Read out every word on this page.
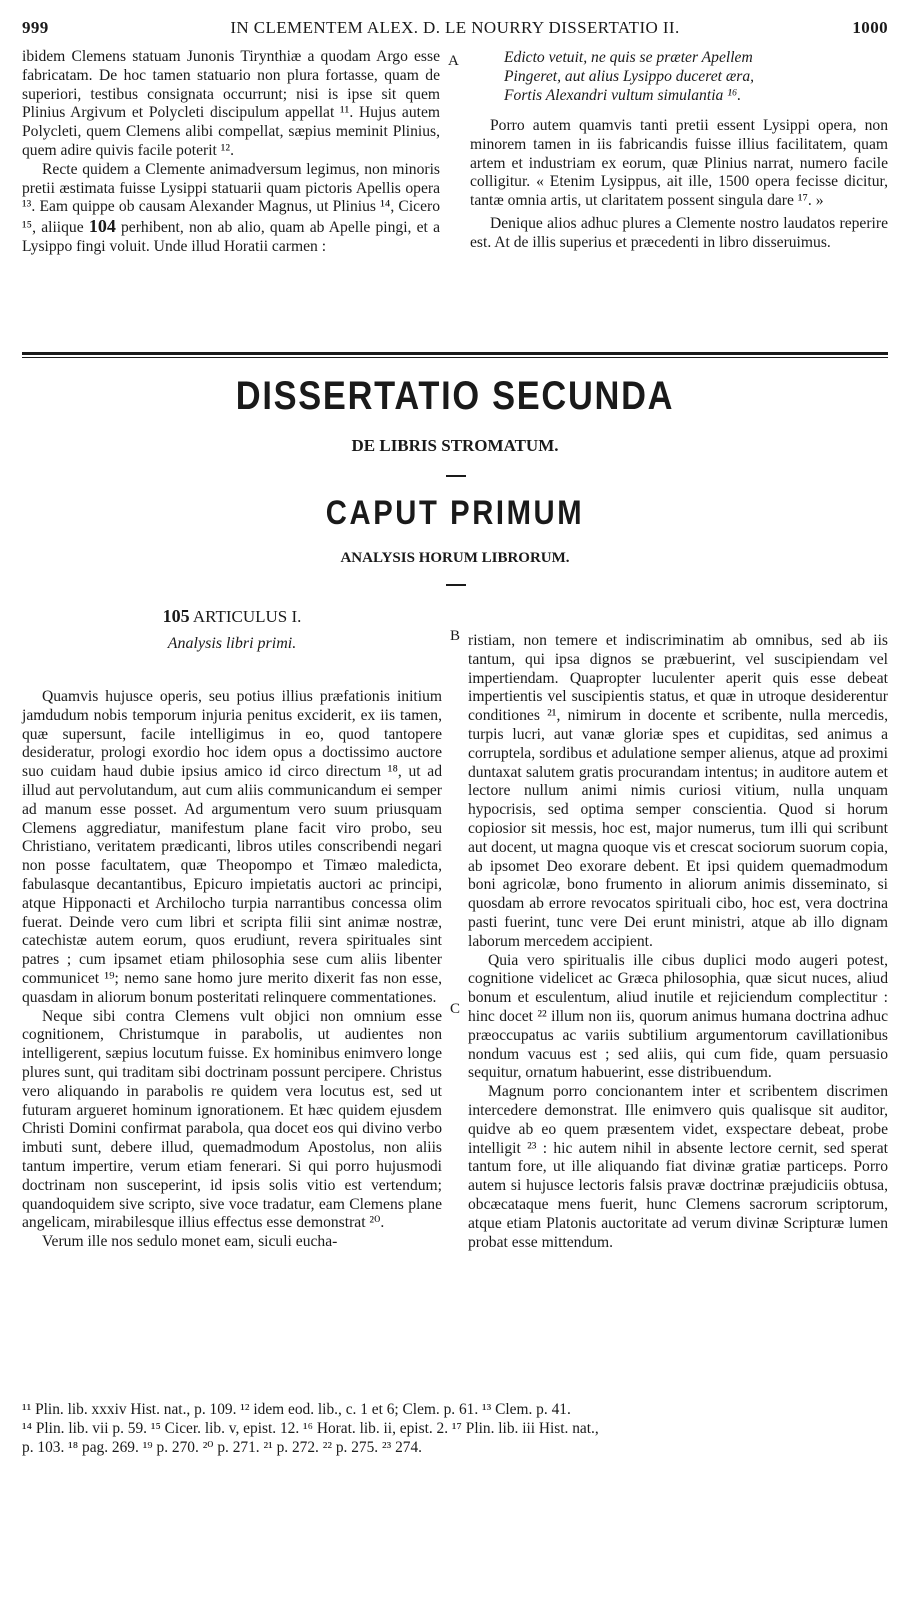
999	IN CLEMENTEM ALEX. D. LE NOURRY DISSERTATIO II.	1000
A
B
C

ibidem Clemens statuam Junonis Tirynthiæ a quodam Argo esse fabricatam. De hoc tamen statuario non plura fortasse, quam de superiori, testibus consignata occurrunt; nisi is ipse sit quem Plinius Argivum et Polycleti discipulum appellat ¹¹. Hujus autem Polycleti, quem Clemens alibi compellat, sæpius meminit Plinius, quem adire quivis facile poterit ¹².

Recte quidem a Clemente animadversum legimus, non minoris pretii æstimata fuisse Lysippi statuarii quam pictoris Apellis opera ¹³. Eam quippe ob causam Alexander Magnus, ut Plinius ¹⁴, Cicero ¹⁵, aliique 104 perhibent, non ab alio, quam ab Apelle pingi, et a Lysippo fingi voluit. Unde illud Horatii carmen :

Edicto vetuit, ne quis se præter Apellem
Pingeret, aut alius Lysippo duceret æra,
Fortis Alexandri vultum simulantia ¹⁶.

Porro autem quamvis tanti pretii essent Lysippi opera, non minorem tamen in iis fabricandis fuisse illius facilitatem, quam artem et industriam ex eorum, quæ Plinius narrat, numero facile colligitur. « Etenim Lysippus, ait ille, 1500 opera fecisse dicitur, tantæ omnia artis, ut claritatem possent singula dare ¹⁷. »

Denique alios adhuc plures a Clemente nostro laudatos reperire est. At de illis superius et præcedenti in libro disseruimus.

DISSERTATIO SECUNDA
DE LIBRIS STROMATUM.
CAPUT PRIMUM
ANALYSIS HORUM LIBRORUM.
105 ARTICULUS I.
Analysis libri primi.

Quamvis hujusce operis, seu potius illius præfationis initium jamdudum nobis temporum injuria penitus exciderit, ex iis tamen, quæ supersunt, facile intelligimus in eo, quod tantopere desideratur, prologi exordio hoc idem opus a doctissimo auctore suo cuidam haud dubie ipsius amico id circo directum ¹⁸, ut ad illud aut pervolutandum, aut cum aliis communicandum ei semper ad manum esse posset. Ad argumentum vero suum priusquam Clemens aggrediatur, manifestum plane facit viro probo, seu Christiano, veritatem prædicanti, libros utiles conscribendi negari non posse facultatem, quæ Theopompo et Timæo maledicta, fabulasque decantantibus, Epicuro impietatis auctori ac principi, atque Hipponacti et Archilocho turpia narrantibus concessa olim fuerat. Deinde vero cum libri et scripta filii sint animæ nostræ, catechistæ autem eorum, quos erudiunt, revera spirituales sint patres ; cum ipsamet etiam philosophia sese cum aliis libenter communicet ¹⁹; nemo sane homo jure merito dixerit fas non esse, quasdam in aliorum bonum posteritati relinquere commentationes.

Neque sibi contra Clemens vult objici non omnium esse cognitionem, Christumque in parabolis, ut audientes non intelligerent, sæpius locutum fuisse. Ex hominibus enimvero longe plures sunt, qui traditam sibi doctrinam possunt percipere. Christus vero aliquando in parabolis re quidem vera locutus est, sed ut futuram argueret hominum ignorationem. Et hæc quidem ejusdem Christi Domini confirmat parabola, qua docet eos qui divino verbo imbuti sunt, debere illud, quemadmodum Apostolus, non aliis tantum impertire, verum etiam fenerari. Si qui porro hujusmodi doctrinam non susceperint, id ipsis solis vitio est vertendum; quandoquidem sive scripto, sive voce tradatur, eam Clemens plane angelicam, mirabilesque illius effectus esse demonstrat ²⁰.

Verum ille nos sedulo monet eam, siculi eucha-

ristiam, non temere et indiscriminatim ab omnibus, sed ab iis tantum, qui ipsa dignos se præbuerint, vel suscipiendam vel impertiendam. Quapropter luculenter aperit quis esse debeat impertientis vel suscipientis status, et quæ in utroque desiderentur conditiones ²¹, nimirum in docente et scribente, nulla mercedis, turpis lucri, aut vanæ gloriæ spes et cupiditas, sed animus a corruptela, sordibus et adulatione semper alienus, atque ad proximi duntaxat salutem gratis procurandam intentus; in auditore autem et lectore nullum animi nimis curiosi vitium, nulla unquam hypocrisis, sed optima semper conscientia. Quod si horum copiosior sit messis, hoc est, major numerus, tum illi qui scribunt aut docent, ut magna quoque vis et crescat sociorum suorum copia, ab ipsomet Deo exorare debent. Et ipsi quidem quemadmodum boni agricolæ, bono frumento in aliorum animis disseminato, si quosdam ab errore revocatos spirituali cibo, hoc est, vera doctrina pasti fuerint, tunc vere Dei erunt ministri, atque ab illo dignam laborum mercedem accipient.

Quia vero spiritualis ille cibus duplici modo augeri potest, cognitione videlicet ac Græca philosophia, quæ sicut nuces, aliud bonum et esculentum, aliud inutile et rejiciendum complectitur : hinc docet ²² illum non iis, quorum animus humana doctrina adhuc præoccupatus ac variis subtilium argumentorum cavillationibus nondum vacuus est ; sed aliis, qui cum fide, quam persuasio sequitur, ornatum habuerint, esse distribuendum.

Magnum porro concionantem inter et scribentem discrimen intercedere demonstrat. Ille enimvero quis qualisque sit auditor, quidve ab eo quem præsentem videt, exspectare debeat, probe intelligit ²³ : hic autem nihil in absente lectore cernit, sed sperat tantum fore, ut ille aliquando fiat divinæ gratiæ particeps. Porro autem si hujusce lectoris falsis pravæ doctrinæ præjudiciis obtusa, obcæcataque mens fuerit, hunc Clemens sacrorum scriptorum, atque etiam Platonis auctoritate ad verum divinæ Scripturæ lumen probat esse mittendum.

¹¹ Plin. lib. xxxiv Hist. nat., p. 109. ¹² idem eod. lib., c. 1 et 6; Clem. p. 61. ¹³ Clem. p. 41.
¹⁴ Plin. lib. vii p. 59. ¹⁵ Cicer. lib. v, epist. 12. ¹⁶ Horat. lib. ii, epist. 2. ¹⁷ Plin. lib. iii Hist. nat.,
p. 103. ¹⁸ pag. 269. ¹⁹ p. 270. ²⁰ p. 271. ²¹ p. 272. ²² p. 275. ²³ 274.
